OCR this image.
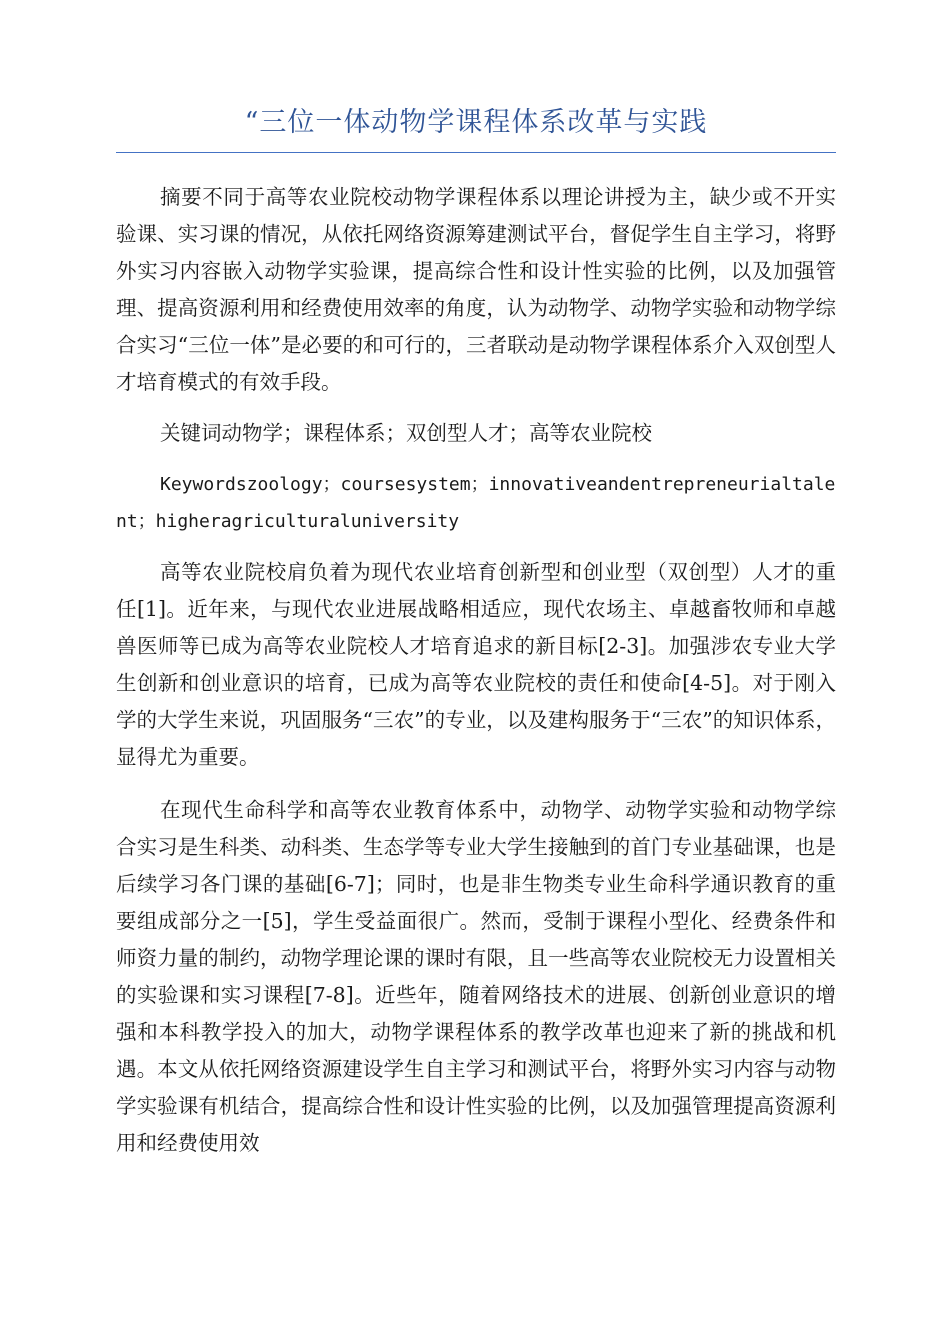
“三位一体动物学课程体系改革与实践

摘要不同于高等农业院校动物学课程体系以理论讲授为主，缺少或不开实验课、实习课的情况，从依托网络资源筹建测试平台，督促学生自主学习，将野外实习内容嵌入动物学实验课，提高综合性和设计性实验的比例，以及加强管理、提高资源利用和经费使用效率的角度，认为动物学、动物学实验和动物学综合实习“三位一体”是必要的和可行的，三者联动是动物学课程体系介入双创型人才培育模式的有效手段。

关键词动物学；课程体系；双创型人才；高等农业院校

Keywordszoology；coursesystem；innovativeandentrepreneurialtalent；higheragriculturaluniversity

高等农业院校肩负着为现代农业培育创新型和创业型（双创型）人才的重任[1]。近年来，与现代农业进展战略相适应，现代农场主、卓越畜牧师和卓越兽医师等已成为高等农业院校人才培育追求的新目标[2-3]。加强涉农专业大学生创新和创业意识的培育，已成为高等农业院校的责任和使命[4-5]。对于刚入学的大学生来说，巩固服务“三农”的专业，以及建构服务于“三农”的知识体系，显得尤为重要。

在现代生命科学和高等农业教育体系中，动物学、动物学实验和动物学综合实习是生科类、动科类、生态学等专业大学生接触到的首门专业基础课，也是后续学习各门课的基础[6-7]；同时，也是非生物类专业生命科学通识教育的重要组成部分之一[5]，学生受益面很广。然而，受制于课程小型化、经费条件和师资力量的制约，动物学理论课的课时有限，且一些高等农业院校无力设置相关的实验课和实习课程[7-8]。近些年，随着网络技术的进展、创新创业意识的增强和本科教学投入的加大，动物学课程体系的教学改革也迎来了新的挑战和机遇。本文从依托网络资源建设学生自主学习和测试平台，将野外实习内容与动物学实验课有机结合，提高综合性和设计性实验的比例，以及加强管理提高资源利用和经费使用效
